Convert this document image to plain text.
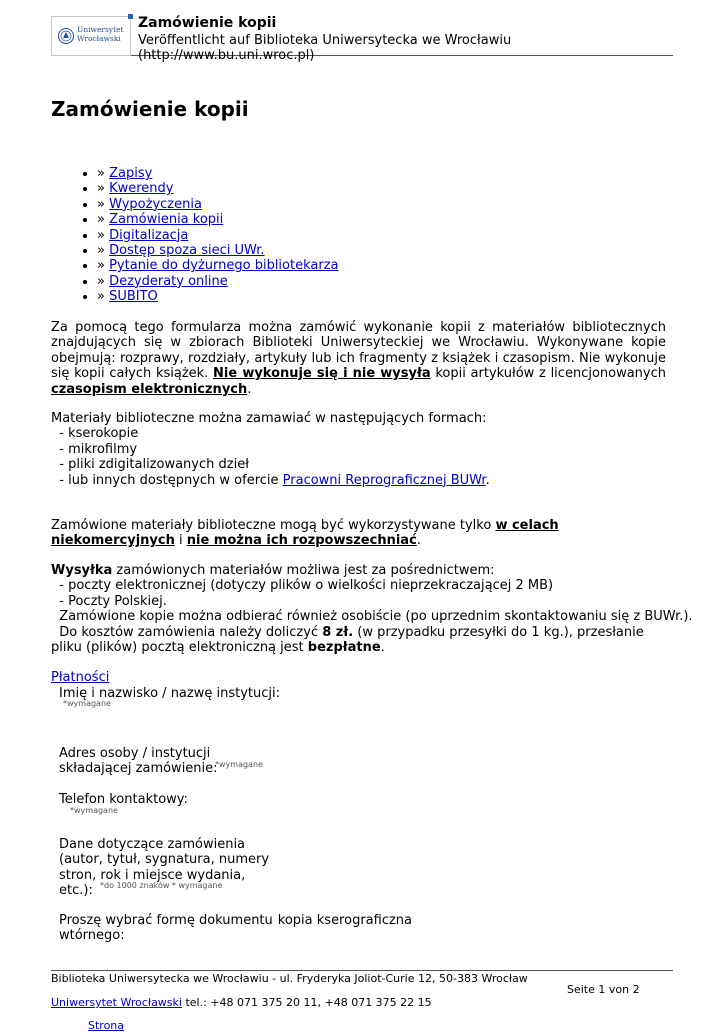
Uniwersytet
Wrocławski
Zamówienie kopii
Veröffentlicht auf Biblioteka Uniwersytecka we Wrocławiu (http://www.bu.uni.wroc.pl)
Zamówienie kopii
• » Zapisy
• » Kwerendy
• » Wypożyczenia
• » Zamówienia kopii
• » Digitalizacja
• » Dostęp spoza sieci UWr.
• » Pytanie do dyżurnego bibliotekarza
• » Dezyderaty online
• » SUBITO

Za pomocą tego formularza można zamówić wykonanie kopii z materiałów bibliotecznych znajdujących się w zbiorach Biblioteki Uniwersyteckiej we Wrocławiu. Wykonywane kopie obejmują: rozprawy, rozdziały, artykuły lub ich fragmenty z książek i czasopism. Nie wykonuje się kopii całych książek. Nie wykonuje się i nie wysyła kopii artykułów z licencjonowanych czasopism elektronicznych.

Materiały biblioteczne można zamawiać w następujących formach:
- kserokopie
- mikrofilmy
- pliki zdigitalizowanych dzieł
- lub innych dostępnych w ofercie Pracowni Reprograficznej BUWr.

Zamówione materiały biblioteczne mogą być wykorzystywane tylko w celach niekomercyjnych i nie można ich rozpowszechniać.

Wysyłka zamówionych materiałów możliwa jest za pośrednictwem:
- poczty elektronicznej (dotyczy plików o wielkości nieprzekraczającej 2 MB)
- Poczty Polskiej.
Zamówione kopie można odbierać również osobiście (po uprzednim skontaktowaniu się z BUWr.).
Do kosztów zamówienia należy doliczyć 8 zł. (w przypadku przesyłki do 1 kg.), przesłanie pliku (plików) pocztą elektroniczną jest bezpłatne.
Płatności
Imię i nazwisko / nazwę instytucji:
*wymagane
Adres osoby / instytucji
składającej zamówienie:
*wymagane
Telefon kontaktowy:
*wymagane
Dane dotyczące zamówienia
(autor, tytuł, sygnatura, numery
stron, rok i miejsce wydania,
etc.): *do 1000 znaków * wymagane
Proszę wybrać formę dokumentu kopia kserograficzna
wtórnego:
Biblioteka Uniwersytecka we Wrocławiu - ul. Fryderyka Joliot-Curie 12, 50-383 Wrocław
Seite 1 von 2
Uniwersytet Wrocławski tel.: +48 071 375 20 11, +48 071 375 22 15
Strona
